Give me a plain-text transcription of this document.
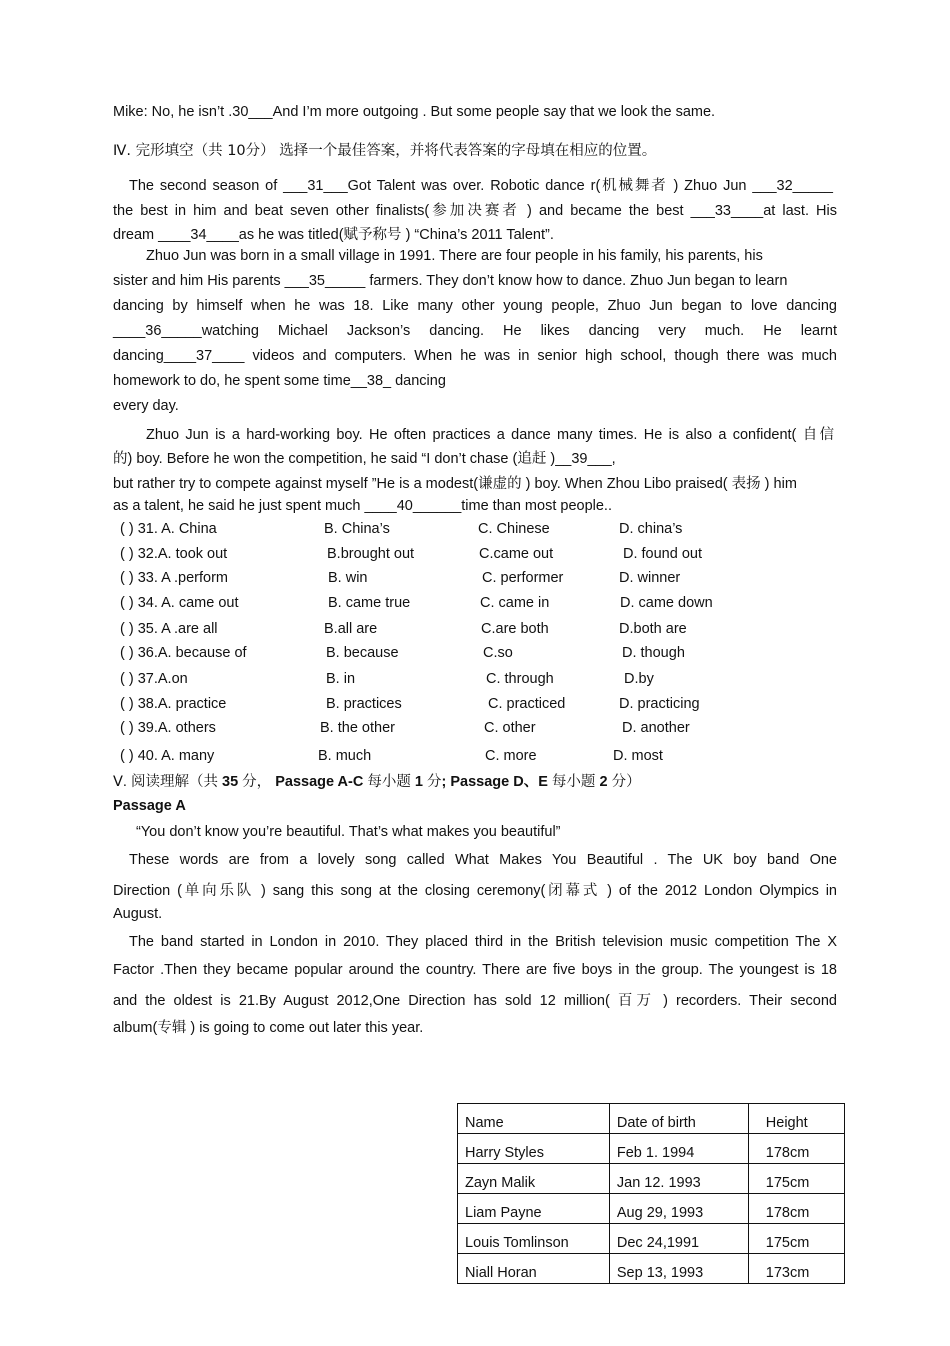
Mike: No, he isn’t .30___And I’m more outgoing . But some people say that we look the same.
Ⅳ. 完形填空（共 10分） 选择一个最佳答案，并将代表答案的字母填在相应的位置。
The second season of ___31___Got Talent was over. Robotic dance r(机械舞者 ) Zhuo Jun ___32_____
the best in him and beat seven other finalists(参加决赛者 ) and became the best ___33____at last. His
dream ____34____as he was titled(赋予称号 ) “China’s 2011 Talent”.
Zhuo Jun was born in a small village in 1991. There are four people in his family, his parents, his
sister and him His parents ___35_____ farmers. They don’t know how to dance. Zhuo Jun began to learn
dancing by himself when he was 18. Like many other young people, Zhuo Jun began to love dancing
____36_____watching Michael Jackson’s dancing. He likes dancing very much. He learnt
dancing____37____ videos and computers. When he was in senior high school, though there was much
homework to do, he spent some time__38_ dancing
every day.
Zhuo Jun is a hard-working boy. He often practices a dance many times. He is also a confident( 自信
的) boy. Before he won the competition, he said “I don’t chase (追赶 )__39___,
but rather try to compete against myself ”He is a modest(谦虚的 ) boy. When Zhou Libo praised( 表扬 ) him
as a talent, he said he just spent much ____40______time than most people..
( ) 31. A. China	B. China’s	C. Chinese	D. china’s
( ) 32.A. took out	B.brought out	C.came out	D. found out
( ) 33. A .perform	B. win	C. performer	D. winner
( ) 34. A. came out	B. came true	C. came in	D. came down
( ) 35. A .are all	B.all are	C.are both	D.both are
( ) 36.A. because of	B. because	C.so	D. though
( ) 37.A.on	B. in	C. through	D.by
( ) 38.A. practice	B. practices	C. practiced	D. practicing
( ) 39.A. others	B. the other	C. other	D. another
( ) 40. A. many	B. much	C. more	D. most
Ⅴ. 阅读理解（共 35 分， Passage A-C 每小题 1 分; Passage D、E 每小题 2 分）
Passage A
“You don’t know you’re beautiful. That’s what makes you beautiful”
These words are from a lovely song called What Makes You Beautiful . The UK boy band One
Direction (单向乐队 ) sang this song at the closing ceremony(闭幕式 ) of the 2012 London Olympics in
August.
The band started in London in 2010. They placed third in the British television music competition The X
Factor .Then they became popular around the country. There are five boys in the group. The youngest is 18
and the oldest is 21.By August 2012,One Direction has sold 12 million( 百万 ) recorders. Their second
album(专辑 ) is going to come out later this year.
Name	Date of birth	Height
Harry Styles	Feb 1. 1994	178cm
Zayn Malik	Jan 12. 1993	175cm
Liam Payne	Aug 29, 1993	178cm
Louis Tomlinson	Dec 24,1991	175cm
Niall Horan	Sep 13, 1993	173cm
